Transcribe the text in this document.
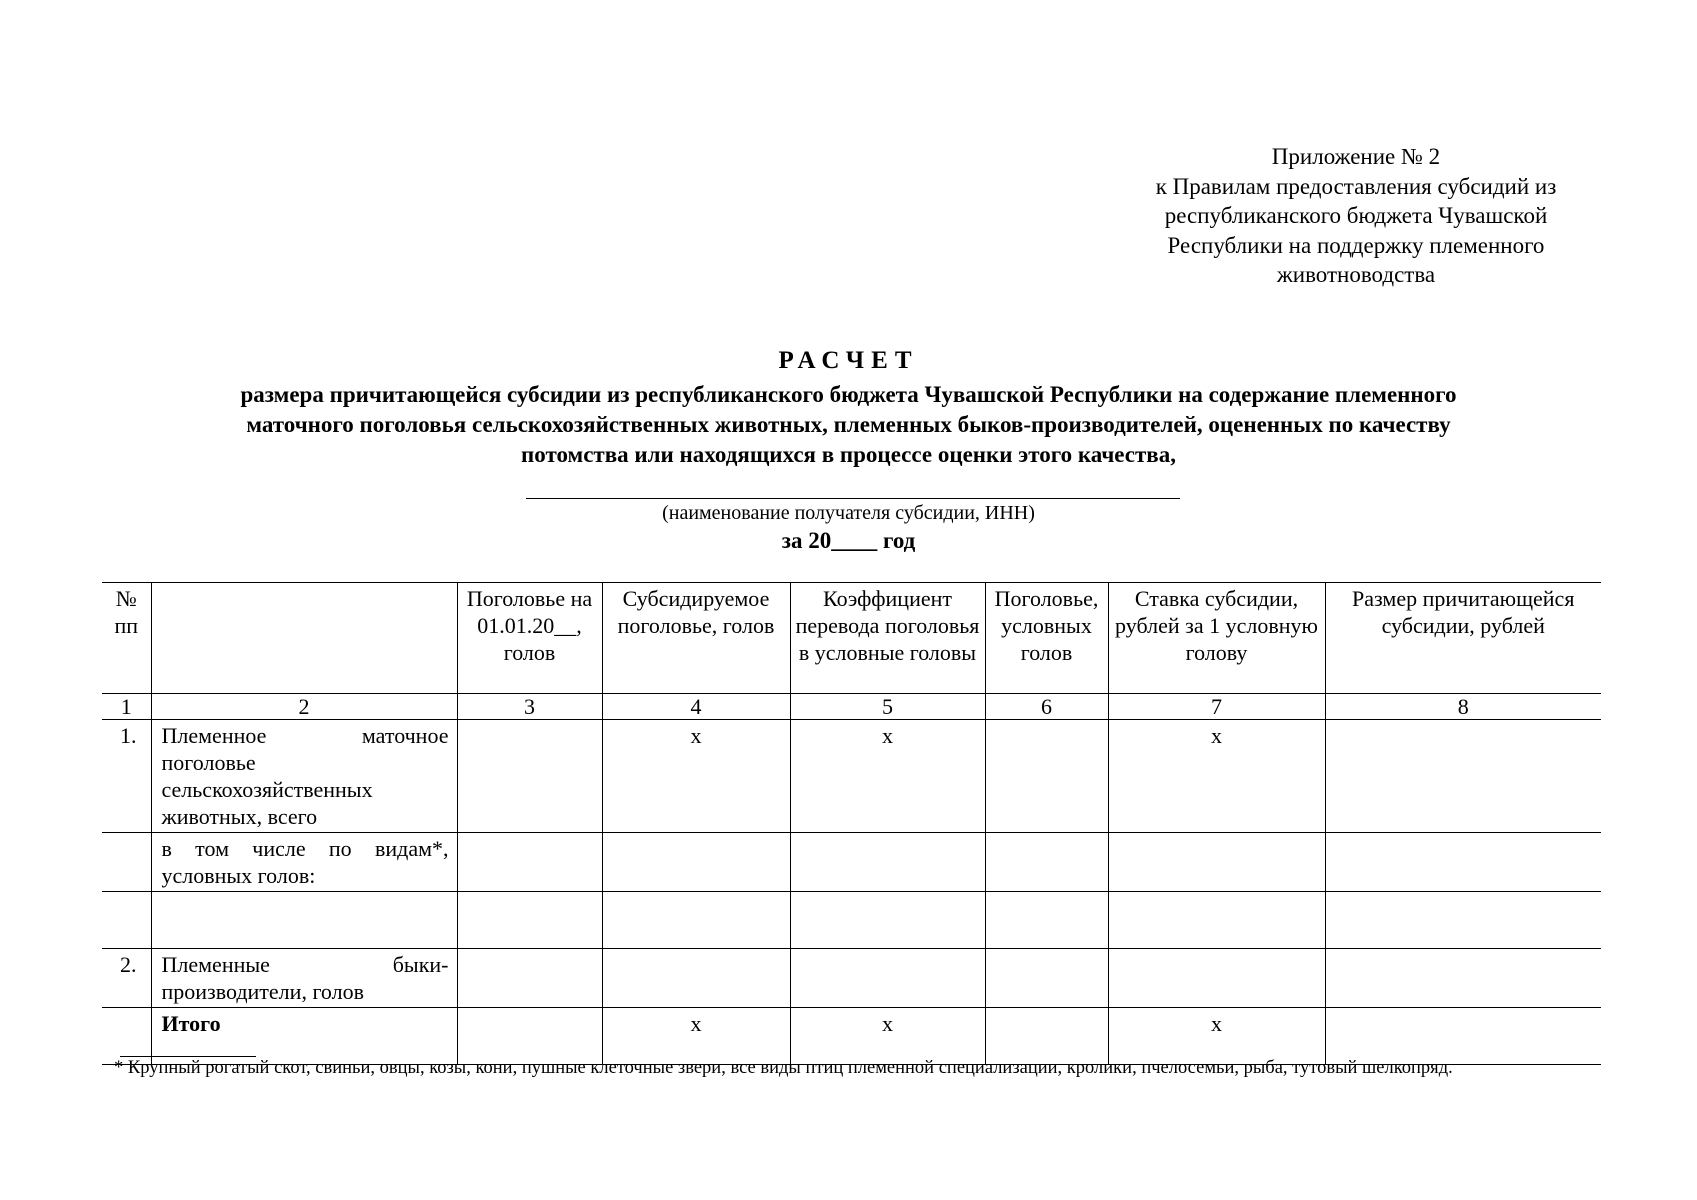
Приложение № 2
к Правилам предоставления субсидий из
республиканского бюджета Чувашской
Республики на поддержку племенного
животноводства
РАСЧЕТ
размера причитающейся субсидии из республиканского бюджета Чувашской Республики на содержание племенного
маточного поголовья сельскохозяйственных животных, племенных быков-производителей, оцененных по качеству
потомства или находящихся в процессе оценки этого качества,
(наименование получателя субсидии, ИНН)
за 20____ год
№ пп		Поголовье на 01.01.20__, голов	Субсидируемое поголовье, голов	Коэффициент перевода поголовья в условные головы	Поголовье, условных голов	Ставка субсидии, рублей за 1 условную голову	Размер причитающейся субсидии, рублей
1	2	3	4	5	6	7	8
1.	Племенное маточное поголовье сельскохозяйственных животных, всего		х	х		х	
	в том числе по видам*, условных голов:						

2.	Племенные быки-производители, голов						
	Итого		х	х		х	
* Крупный рогатый скот, свиньи, овцы, козы, кони, пушные клеточные звери, все виды птиц племенной специализации, кролики, пчелосемьи, рыба, тутовый шелкопряд.
